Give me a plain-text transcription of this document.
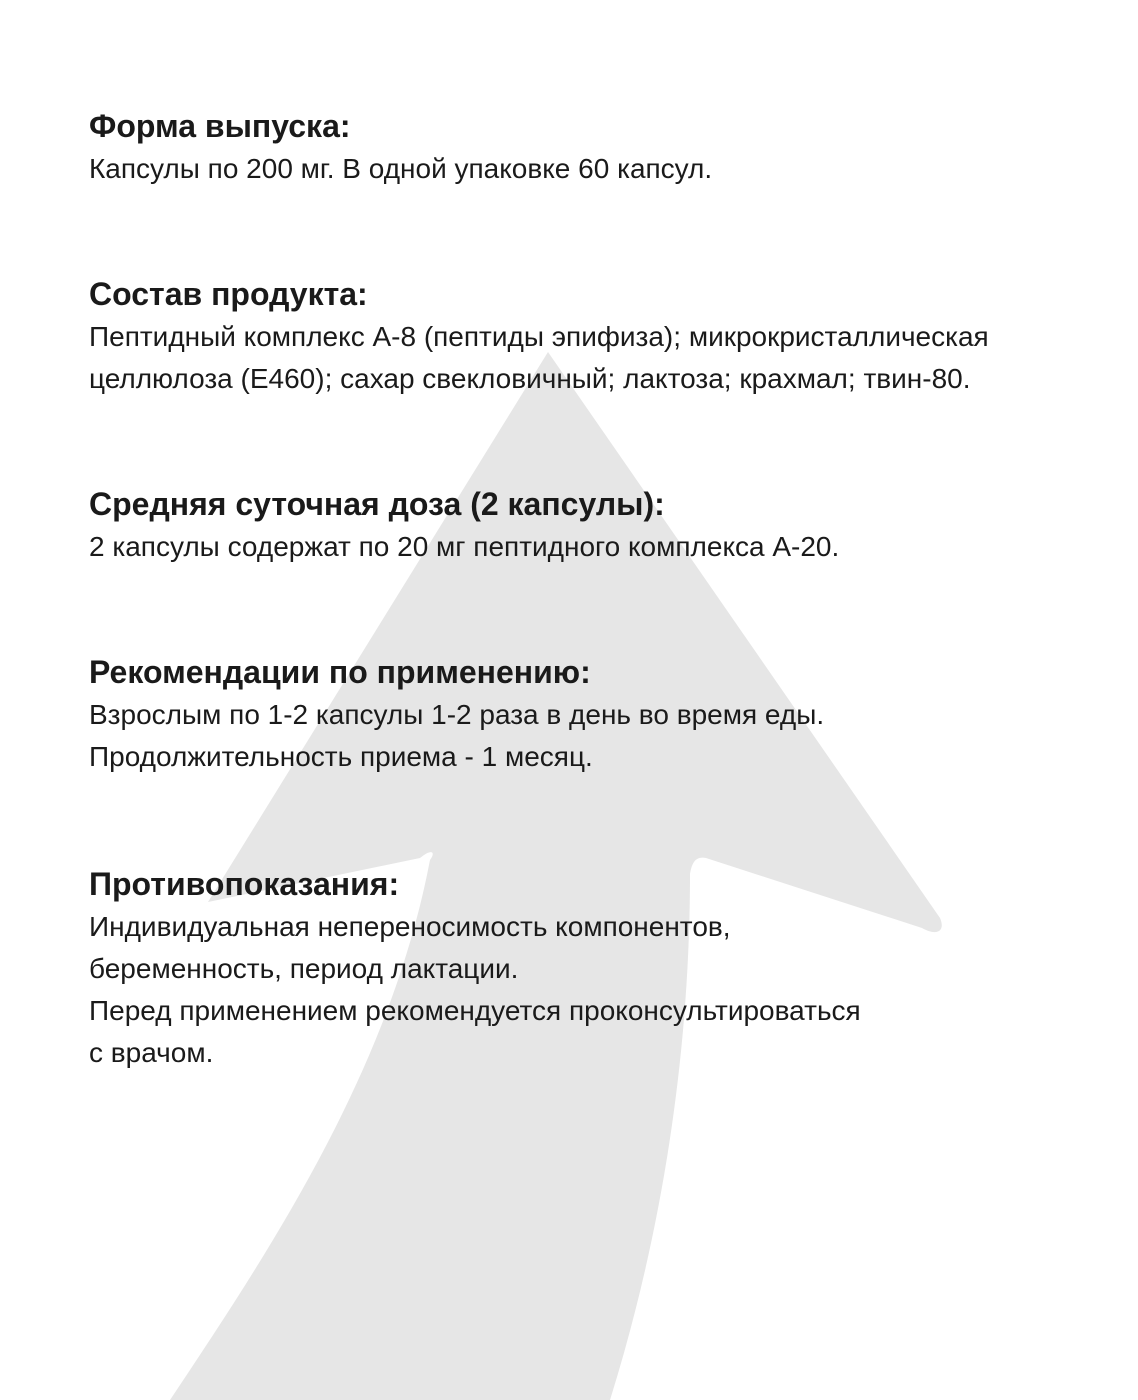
Форма выпуска:

Капсулы по 200 мг. В одной упаковке 60 капсул.

Состав продукта:

Пептидный комплекс А-8 (пептиды эпифиза); микрокристаллическая

целлюлоза (Е460); сахар свекловичный; лактоза; крахмал; твин-80.

Средняя суточная доза (2 капсулы):

2 капсулы содержат по 20 мг пептидного комплекса А-20.

Рекомендации по применению:

Взрослым по 1-2 капсулы 1-2 раза в день во время еды.

Продолжительность приема - 1 месяц.

Противопоказания:

Индивидуальная непереносимость компонентов,

беременность, период лактации.

Перед применением рекомендуется проконсультироваться

с врачом.
